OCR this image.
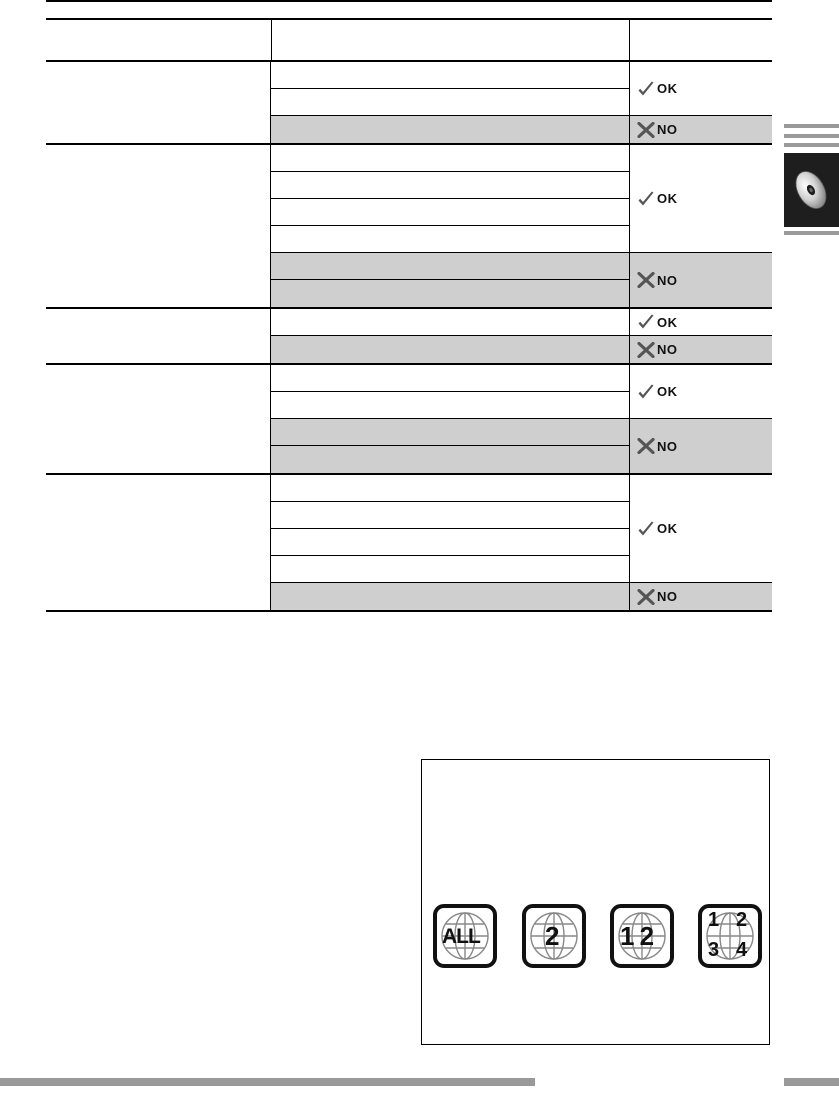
OK
NO
OK
NO
OK
NO
OK
NO
OK
NO
ALL	2 1 2
1 2
3 4
